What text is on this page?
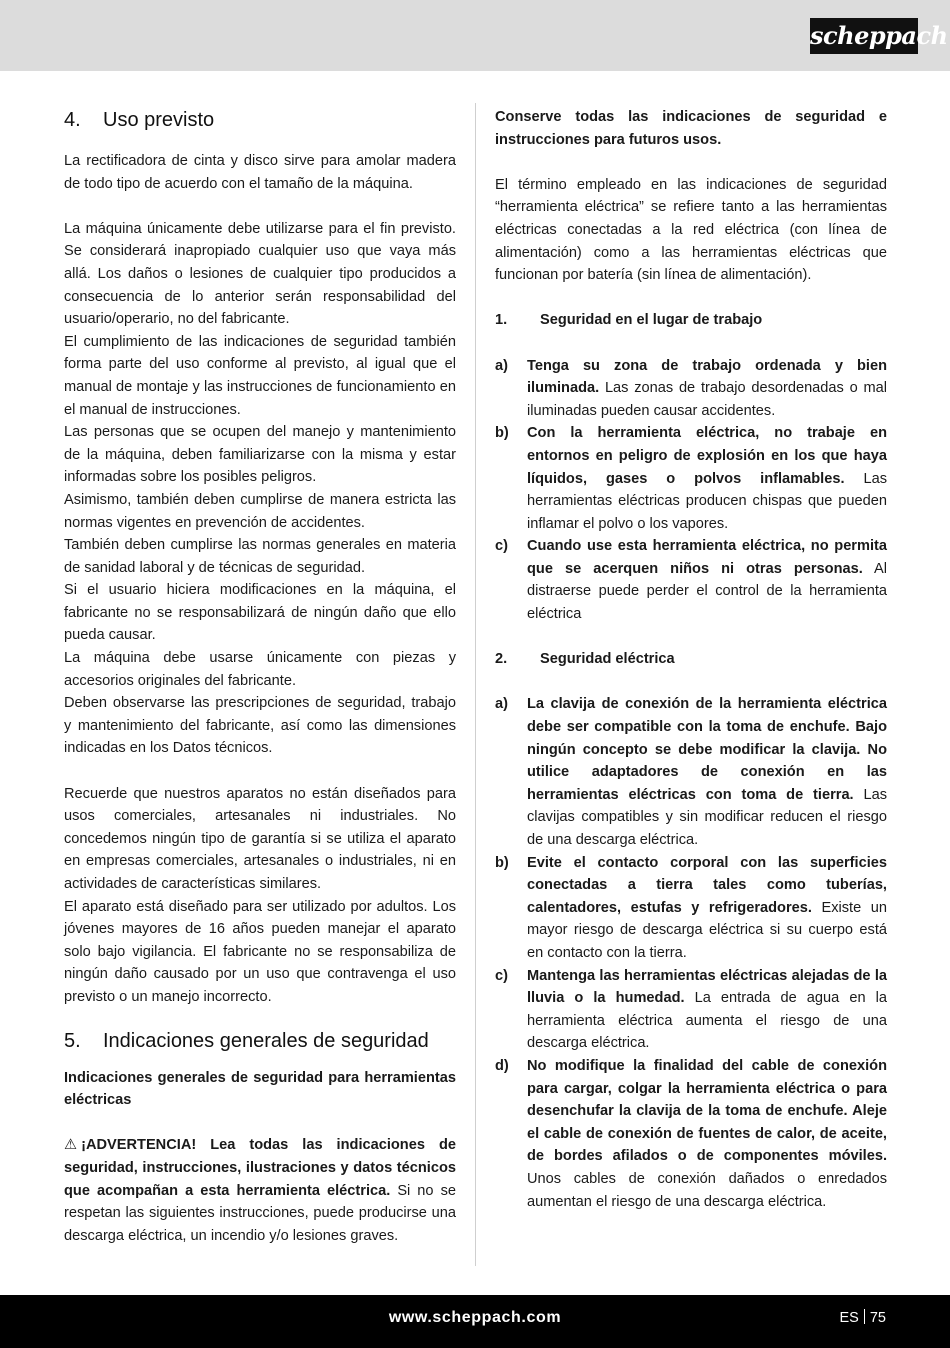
scheppach
4.	Uso previsto

La rectificadora de cinta y disco sirve para amolar madera de todo tipo de acuerdo con el tamaño de la máquina.

La máquina únicamente debe utilizarse para el fin previsto. Se considerará inapropiado cualquier uso que vaya más allá. Los daños o lesiones de cualquier tipo producidos a consecuencia de lo anterior serán responsabilidad del usuario/operario, no del fabricante.

El cumplimiento de las indicaciones de seguridad también forma parte del uso conforme al previsto, al igual que el manual de montaje y las instrucciones de funcionamiento en el manual de instrucciones.

Las personas que se ocupen del manejo y mantenimiento de la máquina, deben familiarizarse con la misma y estar informadas sobre los posibles peligros.

Asimismo, también deben cumplirse de manera estricta las normas vigentes en prevención de accidentes.

También deben cumplirse las normas generales en materia de sanidad laboral y de técnicas de seguridad.

Si el usuario hiciera modificaciones en la máquina, el fabricante no se responsabilizará de ningún daño que ello pueda causar.

La máquina debe usarse únicamente con piezas y accesorios originales del fabricante.

Deben observarse las prescripciones de seguridad, trabajo y mantenimiento del fabricante, así como las dimensiones indicadas en los Datos técnicos.

Recuerde que nuestros aparatos no están diseñados para usos comerciales, artesanales ni industriales. No concedemos ningún tipo de garantía si se utiliza el aparato en empresas comerciales, artesanales o industriales, ni en actividades de características similares.

El aparato está diseñado para ser utilizado por adultos. Los jóvenes mayores de 16 años pueden manejar el aparato solo bajo vigilancia. El fabricante no se responsabiliza de ningún daño causado por un uso que contravenga el uso previsto o un manejo incorrecto.

5.	Indicaciones generales de seguridad

Indicaciones generales de seguridad para herramientas eléctricas

⚠ ¡ADVERTENCIA! Lea todas las indicaciones de seguridad, instrucciones, ilustraciones y datos técnicos que acompañan a esta herramienta eléctrica. Si no se respetan las siguientes instrucciones, puede producirse una descarga eléctrica, un incendio y/o lesiones graves.

Conserve todas las indicaciones de seguridad e instrucciones para futuros usos.

El término empleado en las indicaciones de seguridad “herramienta eléctrica” se refiere tanto a las herramientas eléctricas conectadas a la red eléctrica (con línea de alimentación) como a las herramientas eléctricas que funcionan por batería (sin línea de alimentación).

1.	Seguridad en el lugar de trabajo
a)	Tenga su zona de trabajo ordenada y bien iluminada. Las zonas de trabajo desordenadas o mal iluminadas pueden causar accidentes.
b)	Con la herramienta eléctrica, no trabaje en entornos en peligro de explosión en los que haya líquidos, gases o polvos inflamables. Las herramientas eléctricas producen chispas que pueden inflamar el polvo o los vapores.
c)	Cuando use esta herramienta eléctrica, no permita que se acerquen niños ni otras personas. Al distraerse puede perder el control de la herramienta eléctrica
2.	Seguridad eléctrica
a)	La clavija de conexión de la herramienta eléctrica debe ser compatible con la toma de enchufe. Bajo ningún concepto se debe modificar la clavija. No utilice adaptadores de conexión en las herramientas eléctricas con toma de tierra. Las clavijas compatibles y sin modificar reducen el riesgo de una descarga eléctrica.
b)	Evite el contacto corporal con las superficies conectadas a tierra tales como tuberías, calentadores, estufas y refrigeradores. Existe un mayor riesgo de descarga eléctrica si su cuerpo está en contacto con la tierra.
c)	Mantenga las herramientas eléctricas alejadas de la lluvia o la humedad. La entrada de agua en la herramienta eléctrica aumenta el riesgo de una descarga eléctrica.
d)	No modifique la finalidad del cable de conexión para cargar, colgar la herramienta eléctrica o para desenchufar la clavija de la toma de enchufe. Aleje el cable de conexión de fuentes de calor, de aceite, de bordes afilados o de componentes móviles. Unos cables de conexión dañados o enredados aumentan el riesgo de una descarga eléctrica.
www.scheppach.com	ES 75
